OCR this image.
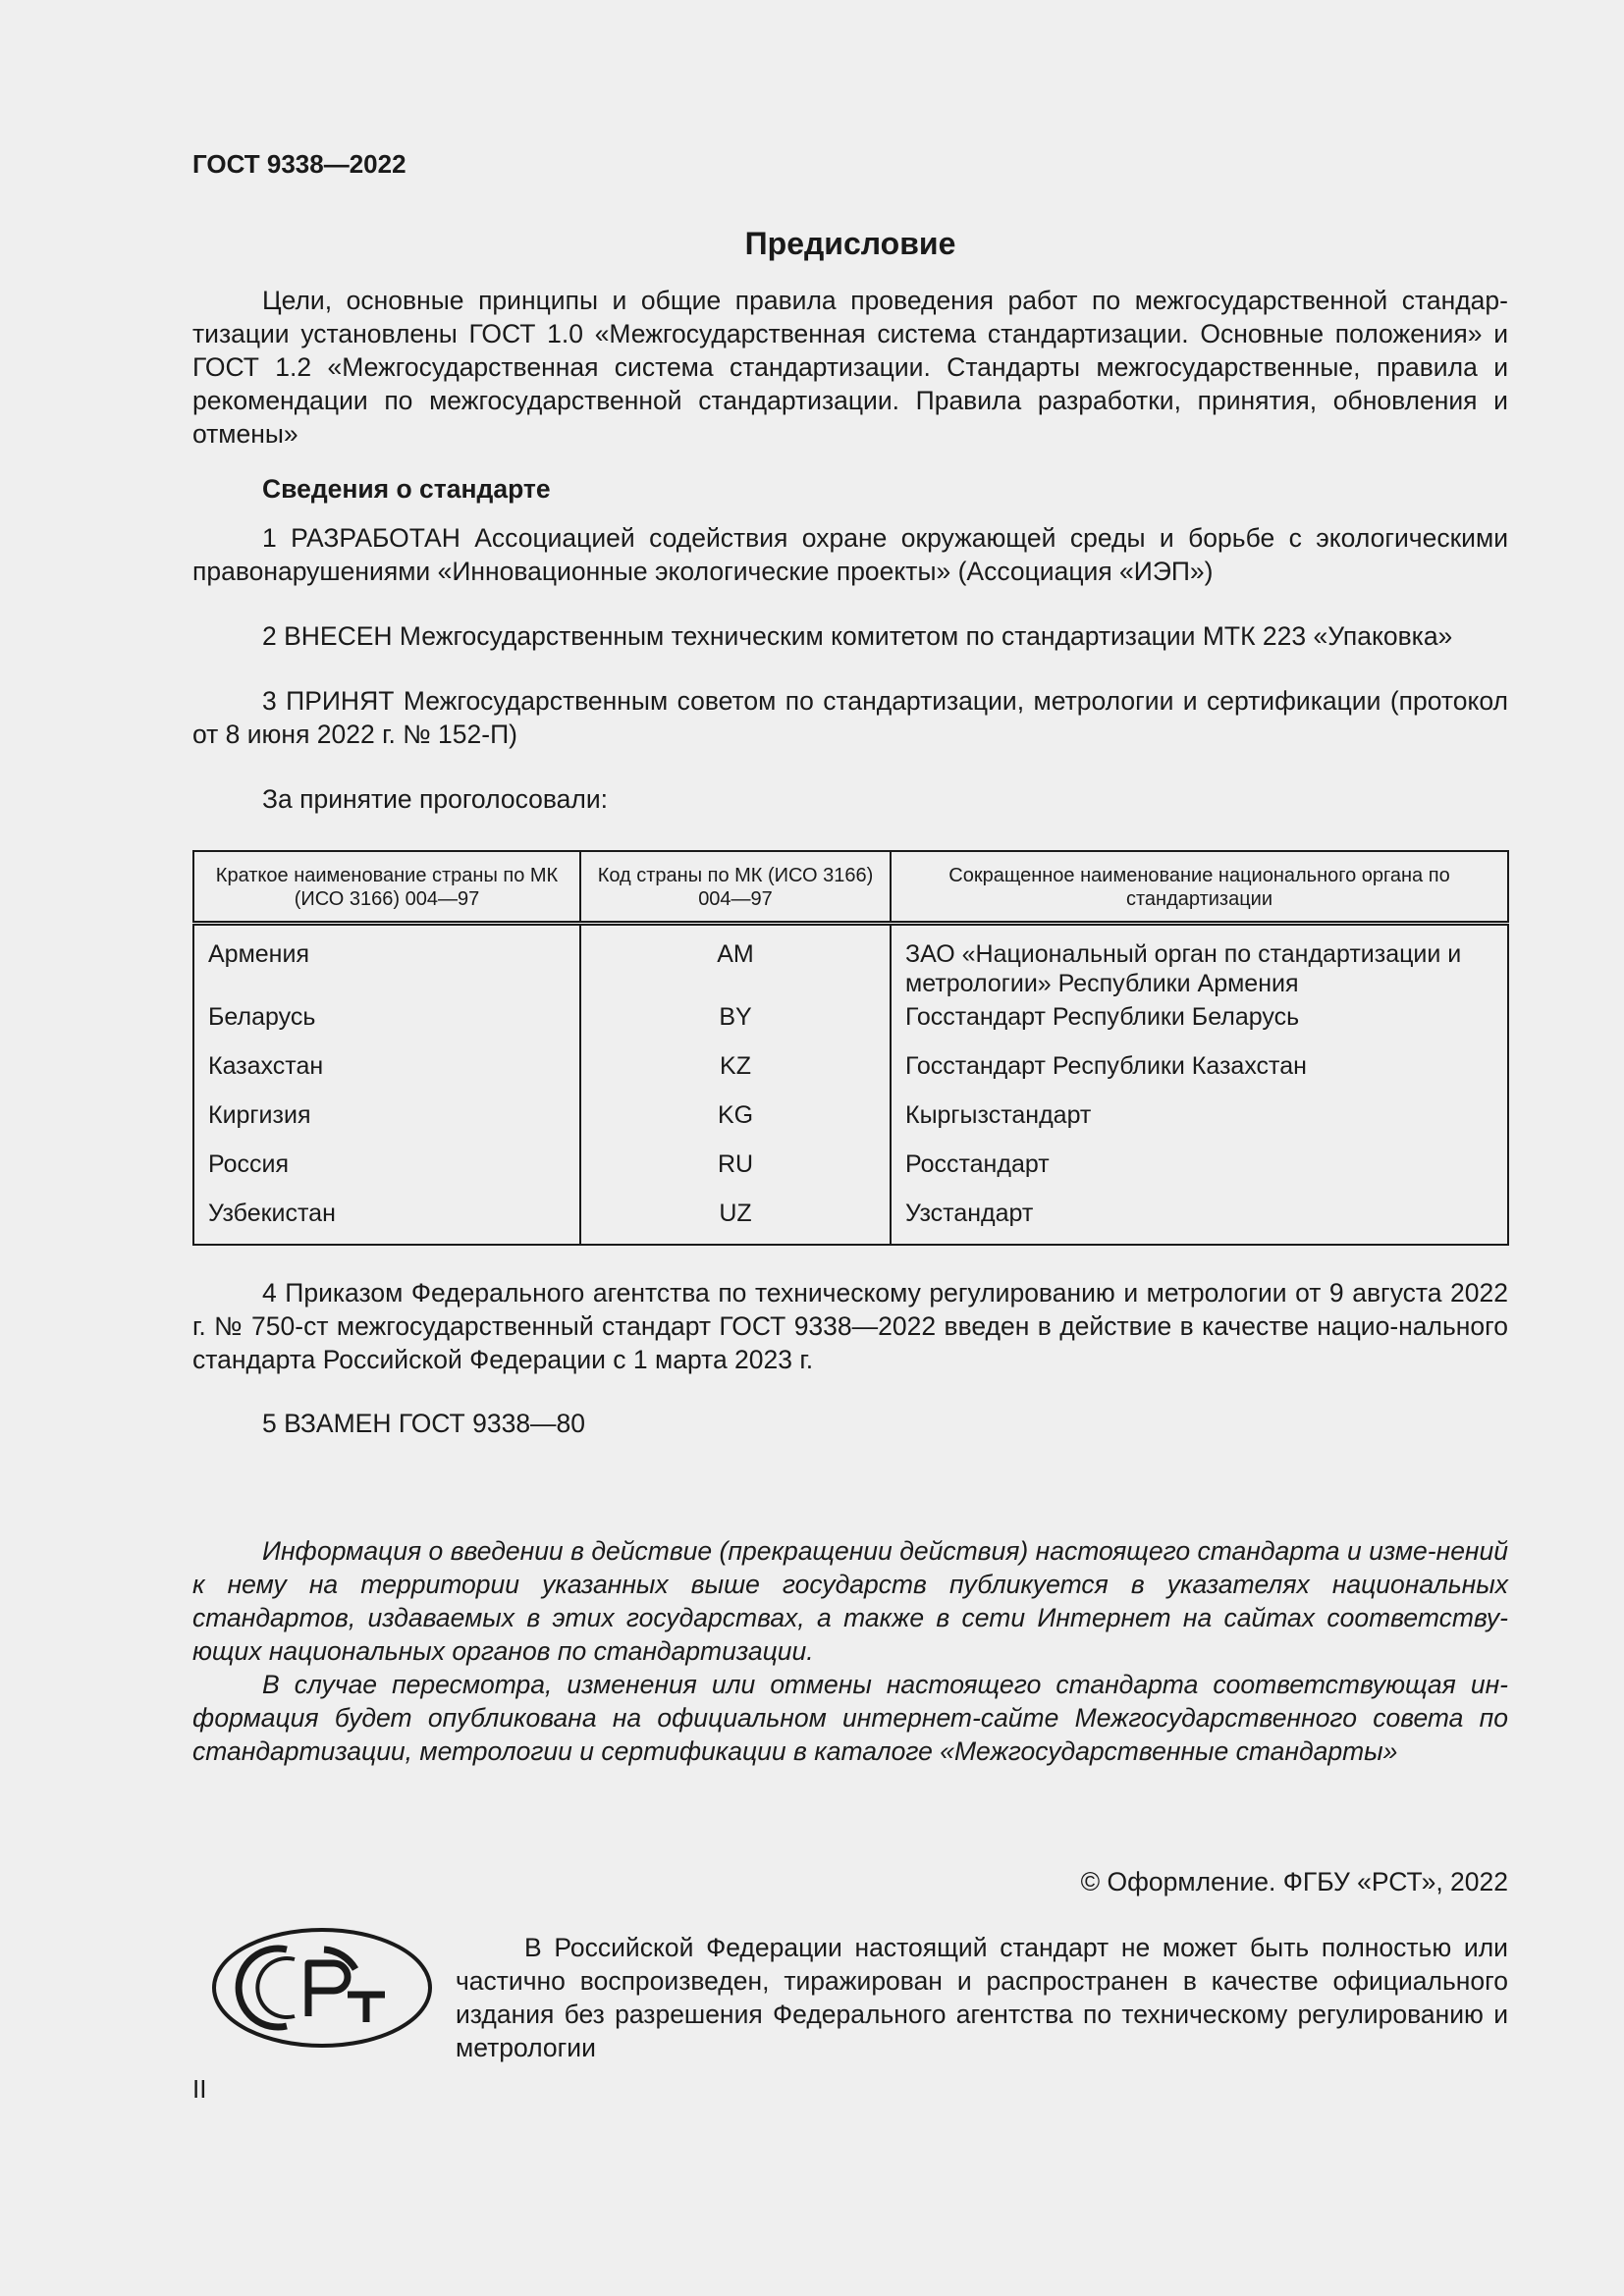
ГОСТ 9338—2022
Предисловие

Цели, основные принципы и общие правила проведения работ по межгосударственной стандар-тизации установлены ГОСТ 1.0 «Межгосударственная система стандартизации. Основные положения» и ГОСТ 1.2 «Межгосударственная система стандартизации. Стандарты межгосударственные, правила и рекомендации по межгосударственной стандартизации. Правила разработки, принятия, обновления и отмены»

Сведения о стандарте

1 РАЗРАБОТАН Ассоциацией содействия охране окружающей среды и борьбе с экологическими правонарушениями «Инновационные экологические проекты» (Ассоциация «ИЭП»)

2 ВНЕСЕН Межгосударственным техническим комитетом по стандартизации МТК 223 «Упаковка»

3 ПРИНЯТ Межгосударственным советом по стандартизации, метрологии и сертификации (протокол от 8 июня 2022 г. № 152-П)

За принятие проголосовали:

Краткое наименование страны по МК (ИСО 3166) 004—97	Код страны по МК (ИСО 3166) 004—97	Сокращенное наименование национального органа по стандартизации
Армения	AM	ЗАО «Национальный орган по стандартизации и метрологии» Республики Армения
Беларусь	BY	Госстандарт Республики Беларусь
Казахстан	KZ	Госстандарт Республики Казахстан
Киргизия	KG	Кыргызстандарт
Россия	RU	Росстандарт
Узбекистан	UZ	Узстандарт

4 Приказом Федерального агентства по техническому регулированию и метрологии от 9 августа 2022 г. № 750-ст межгосударственный стандарт ГОСТ 9338—2022 введен в действие в качестве нацио-нального стандарта Российской Федерации с 1 марта 2023 г.

5 ВЗАМЕН ГОСТ 9338—80

Информация о введении в действие (прекращении действия) настоящего стандарта и изме-нений к нему на территории указанных выше государств публикуется в указателях национальных стандартов, издаваемых в этих государствах, а также в сети Интернет на сайтах соответству-ющих национальных органов по стандартизации.

В случае пересмотра, изменения или отмены настоящего стандарта соответствующая ин-формация будет опубликована на официальном интернет-сайте Межгосударственного совета по стандартизации, метрологии и сертификации в каталоге «Межгосударственные стандарты»

© Оформление. ФГБУ «РСТ», 2022

В Российской Федерации настоящий стандарт не может быть полностью или частично воспроизведен, тиражирован и распространен в качестве официального издания без разрешения Федерального агентства по техническому регулированию и метрологии

II
